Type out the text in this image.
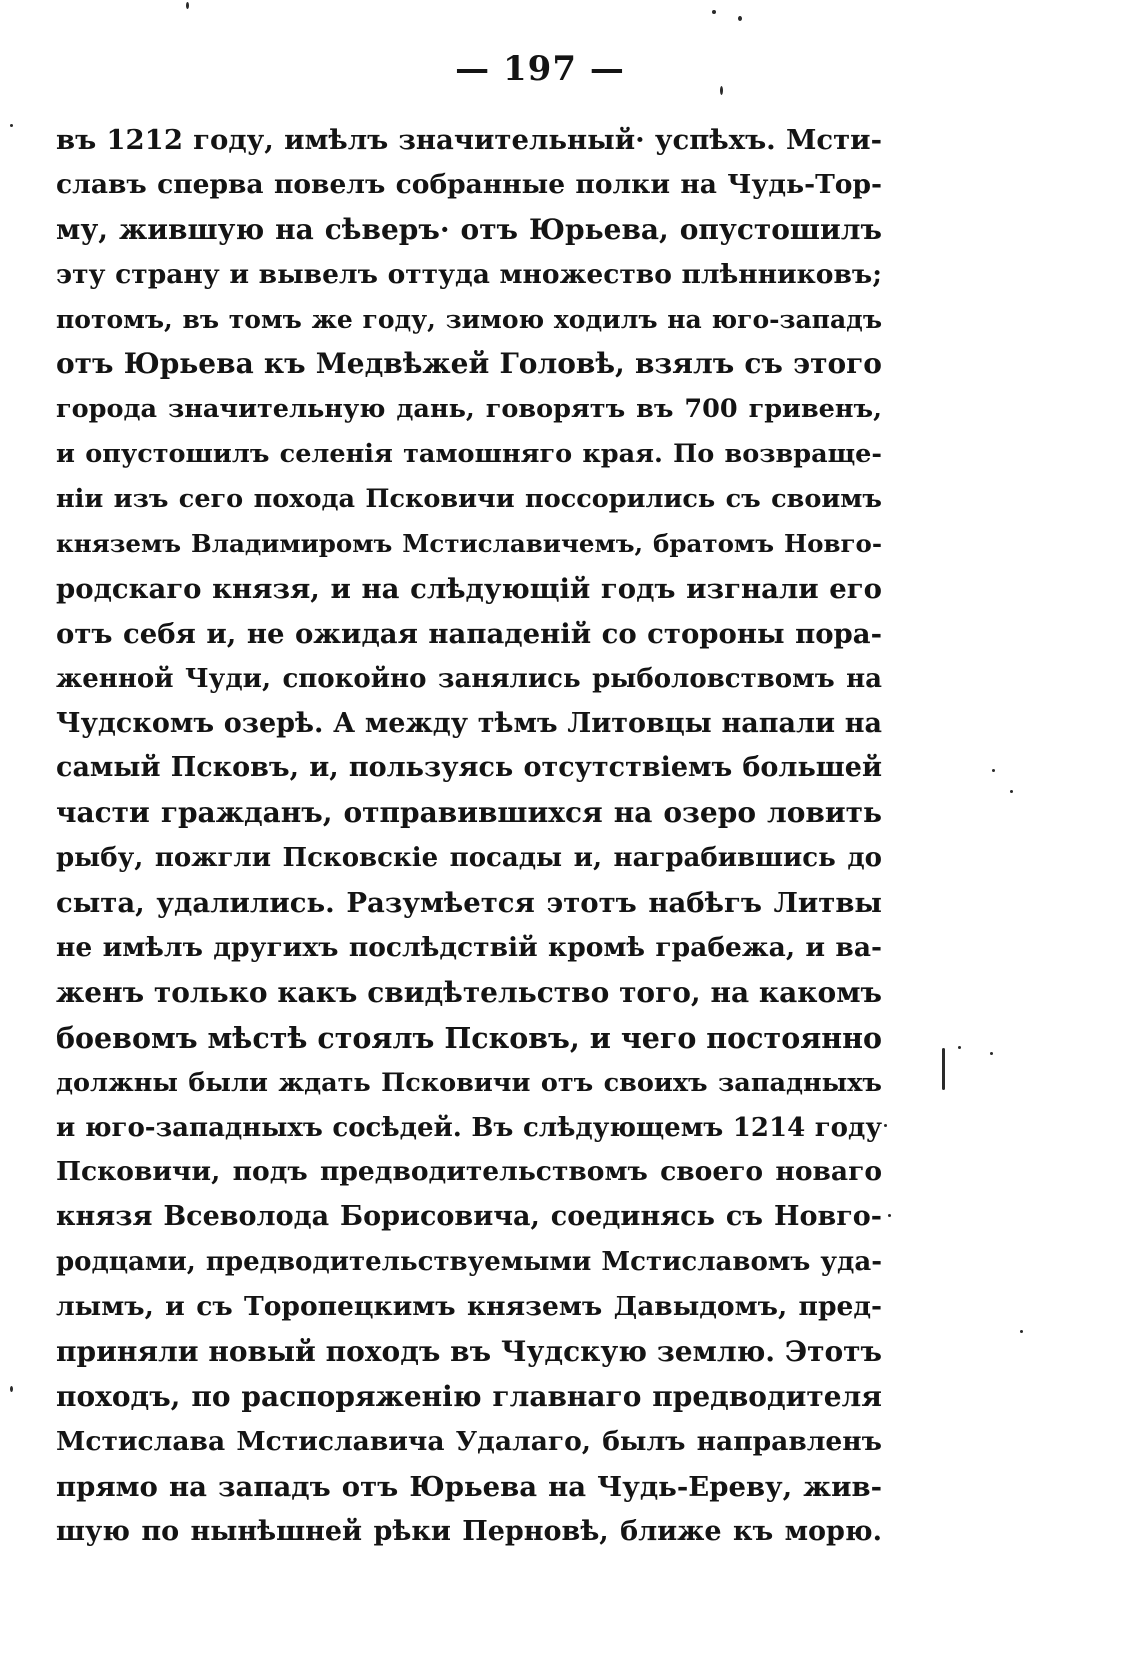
— 197 —
въ 1212 году, имѣлъ значительный· успѣхъ. Мсти-
славъ сперва повелъ собранные полки на Чудь-Тор-
му, жившую на сѣверъ· отъ Юрьева, опустошилъ
эту страну и вывелъ оттуда множество плѣнниковъ;
потомъ, въ томъ же году, зимою ходилъ на юго-западъ
отъ Юрьева къ Медвѣжей Головѣ, взялъ съ этого
города значительную дань, говорятъ въ 700 гривенъ,
и опустошилъ селенія тамошняго края. По возвраще-
ніи изъ сего похода Псковичи поссорились съ своимъ
княземъ Владимиромъ Мстиславичемъ, братомъ Новго-
родскаго князя, и на слѣдующій годъ изгнали его
отъ себя и, не ожидая нападеній со стороны пора-
женной Чуди, спокойно занялись рыболовствомъ на
Чудскомъ озерѣ. А между тѣмъ Литовцы напали на
самый Псковъ, и, пользуясь отсутствіемъ большей
части гражданъ, отправившихся на озеро ловить
рыбу, пожгли Псковскіе посады и, награбившись до
сыта, удалились. Разумѣется этотъ набѣгъ Литвы
не имѣлъ другихъ послѣдствій кромѣ грабежа, и ва-
женъ только какъ свидѣтельство того, на какомъ
боевомъ мѣстѣ стоялъ Псковъ, и чего постоянно
должны были ждать Псковичи отъ своихъ западныхъ
и юго-западныхъ сосѣдей. Въ слѣдующемъ 1214 году
Псковичи, подъ предводительствомъ своего новаго
князя Всеволода Борисовича, соединясь съ Новго-
родцами, предводительствуемыми Мстиславомъ уда-
лымъ, и съ Торопецкимъ княземъ Давыдомъ, пред-
приняли новый походъ въ Чудскую землю. Этотъ
походъ, по распоряженію главнаго предводителя
Мстислава Мстиславича Удалаго, былъ направленъ
прямо на западъ отъ Юрьева на Чудь-Ереву, жив-
шую по нынѣшней рѣки Перновѣ, ближе къ морю.
